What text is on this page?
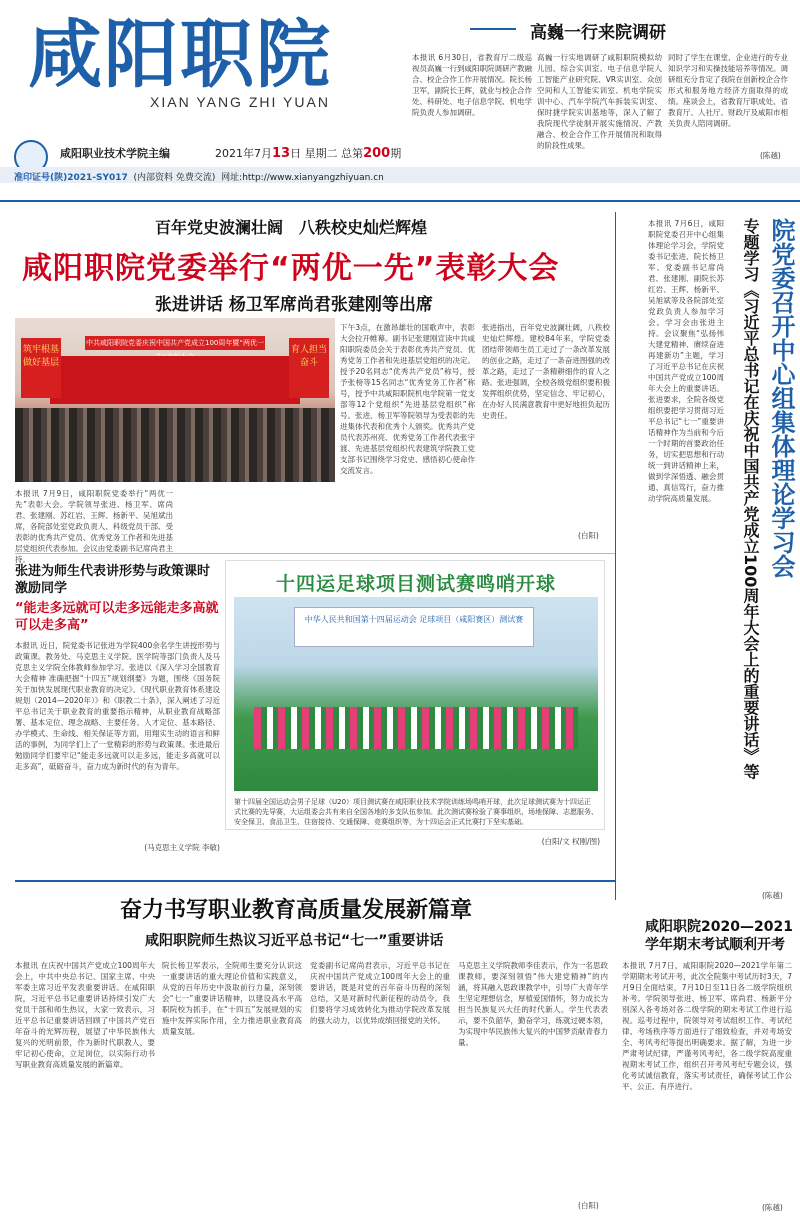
咸阳职院
XIAN YANG ZHI YUAN
咸阳职业技术学院主编	2021年7月13日 星期二 总第200期
准印证号(陕)2021-SY017 (内部资料 免费交流) 网址:http://www.xianyangzhiyuan.cn
高巍一行来院调研
本报讯 6月30日，省教育厅二级巡视员高巍一行到咸阳职院调研产教融合、校企合作工作开展情况。院长杨卫军，副院长王辉，就业与校企合作处、科研处、电子信息学院、机电学院负责人参加调研。
高巍一行实地调研了咸阳职院模拟幼儿园、综合实训室、电子信息学院人工智能产业研究院、VR实训室、众创空间和人工智能实训室、机电学院实训中心、汽车学院汽车拆装实训室、保时捷学院实训基地等，深入了解了我院现代学徒制开展实施情况、产教融合、校企合作工作开展情况和取得的阶段性成果。
同时了学生在课堂、企业进行的专业知识学习和实操技能培养等情况。调研组充分肯定了我院在创新校企合作形式和服务地方经济方面取得的成绩。座谈会上，省教育厅职成处、省教育厅、人社厅、财政厅及咸阳市相关负责人陪同调研。
(陈越)
百年党史波澜壮阔　八秩校史灿烂辉煌
咸阳职院党委举行“两优一先”表彰大会
张进讲话 杨卫军席尚君张建刚等出席
中共咸阳职院党委庆祝中国共产党成立100周年暨“两优一
筑牢根基做好基层
育人担当奋斗
本报讯 7月9日，咸阳职院党委举行“两优一先”表彰大会。学院领导张进、杨卫军、席尚君、张建刚、苏红岩、王辉、杨新平、吴旭斌出席，各院部处室党政负责人、科级党员干部、受表彰的优秀共产党员、优秀党务工作者和先进基层党组织代表参加。会议由党委副书记席尚君主持。
下午3点，在激昂雄壮的国歌声中，表彰大会拉开帷幕。副书记张建刚宣读中共咸阳职院委员会关于表彰优秀共产党员、优秀党务工作者和先进基层党组织的决定。授予20名同志“优秀共产党员”称号，授予张榜等15名同志“优秀党务工作者”称号，授予中共咸阳职院机电学院第一党支部等12个党组织“先进基层党组织”称号。张进、杨卫军等院领导为受表彰的先进集体代表和优秀个人颁奖。优秀共产党员代表苏州亮、优秀党务工作者代表张宇渡、先进基层党组织代表建筑学院教工党支部书记围绕学习党史、感悟初心使命作交流发言。
张进指出，百年党史波澜壮阔，八秩校史灿烂辉煌。建校84年来，学院党委团结带领师生员工走过了一条改革发展的创业之路，走过了一条奋进图强的改革之路，走过了一条精耕细作的育人之路。张进强调，全校各级党组织要积极发挥组织优势，坚定信念、牢记初心，在办好人民满意教育中更好地担负起历史责任。
(白阳)	院党委召开中心组集体理论学习会
专题学习《习近平总书记在庆祝中国共产党成立100周年大会上的重要讲话》等
本报讯 7月6日，咸阳职院党委召开中心组集体理论学习会，学院党委书记张进、院长杨卫军、党委副书记席尚君、张建刚、副院长苏红岩、王辉、杨新平、吴旭斌等及各院部处室党政负责人参加学习会。学习会由张进主持。会议聚焦“弘扬伟大建党精神、赓续奋进再建新功”主题，学习了习近平总书记在庆祝中国共产党成立100周年大会上的重要讲话。张进要求，全院各级党组织要把学习贯彻习近平总书记“七一”重要讲话精神作为当前和今后一个时期的首要政治任务，切实把思想和行动统一到讲话精神上来，做到学深悟透、融会贯通、真信笃行，奋力推动学院高质量发展。
(陈越)
张进为师生代表讲形势与政策课时激励同学
“能走多远就可以走多远能走多高就可以走多高”
本报讯 近日，院党委书记张进为学院400余名学生讲授形势与政策课。教务处、马克思主义学院、医学院等部门负责人及马克思主义学院全体教师参加学习。张进以《深入学习全国教育大会精神 准确把握“十四五”规划纲要》为题，围绕《国务院关于加快发展现代职业教育的决定》、《现代职业教育体系建设规划（2014—2020年）》和《职教二十条》，深入阐述了习近平总书记关于职业教育的重要指示精神，从职业教育战略部署、基本定位、理念战略、主要任务、人才定位、基本路径、办学模式、生命线、相关保证等方面，用翔实生动的语言和鲜活的事例，为同学们上了一堂精彩的形势与政策课。张进最后勉励同学们要牢记“能走多远就可以走多远，能走多高就可以走多高”，砥砺奋斗，奋力成为新时代的有为青年。
(马克思主义学院 李敏)
十四运足球项目测试赛鸣哨开球
中华人民共和国第十四届运动会 足球项目（咸阳赛区）测试赛
第十四届全国运动会男子足球（U20）项目测试赛在咸阳职业技术学院训练场鸣哨开球，此次足球测试赛为十四运正式比赛的先导赛，大运组委会共有来自全国各地的多支队伍参加。此次测试赛检验了赛事组织、场地保障、志愿服务、安全保卫、食品卫生、住宿接待、交通保障、竞赛组织等，为十四运会正式比赛打下坚实基础。
(白阳/文 权刚/图)
奋力书写职业教育高质量发展新篇章
咸阳职院师生热议习近平总书记“七一”重要讲话
本报讯 在庆祝中国共产党成立100周年大会上，中共中央总书记、国家主席、中央军委主席习近平发表重要讲话。在咸阳职院，习近平总书记重要讲话持续引发广大党员干部和师生热议，大家一致表示，习近平总书记重要讲话回顾了中国共产党百年奋斗的光辉历程，展望了中华民族伟大复兴的光明前景，作为新时代职教人，要牢记初心使命，立足岗位，以实际行动书写职业教育高质量发展的新篇章。
院长杨卫军表示，全院师生要充分认识这一重要讲话的重大理论价值和实践意义，从党的百年历史中汲取前行力量，深刻领会“七一”重要讲话精神，以建设高水平高职院校为抓手，在“十四五”发展规划的实施中发挥实际作用，全力推进职业教育高质量发展。
党委副书记席尚君表示，习近平总书记在庆祝中国共产党成立100周年大会上的重要讲话，既是对党的百年奋斗历程的深刻总结，又是对新时代新征程的动员令。我们要将学习成效转化为推动学院改革发展的强大动力，以优异成绩回报党的关怀。
马克思主义学院教师李佳表示，作为一名思政课教师，要深刻领悟“伟大建党精神”的内涵，将其融入思政课教学中，引导广大青年学生坚定理想信念，厚植爱国情怀，努力成长为担当民族复兴大任的时代新人。学生代表表示，要不负韶华，勤奋学习，练就过硬本领，为实现中华民族伟大复兴的中国梦贡献青春力量。
(白阳)
咸阳职院2020—2021学年期末考试顺利开考
本报讯 7月7日，咸阳职院2020—2021学年第二学期期末考试开考，此次全院集中考试历时3天，7月9日全面结束，7月10日至11日各二级学院组织补考。学院领导张进、杨卫军、席尚君、杨新平分别深入各考场对各二级学院的期末考试工作进行巡视。巡考过程中，院领导对考试组织工作、考试纪律、考场秩序等方面进行了细致检查，并对考场安全、考风考纪等提出明确要求。据了解，为进一步严肃考试纪律，严谨考风考纪，各二级学院高度重视期末考试工作，组织召开考风考纪专题会议，强化考试诚信教育，落实考试责任，确保考试工作公平、公正、有序进行。
(陈越)
